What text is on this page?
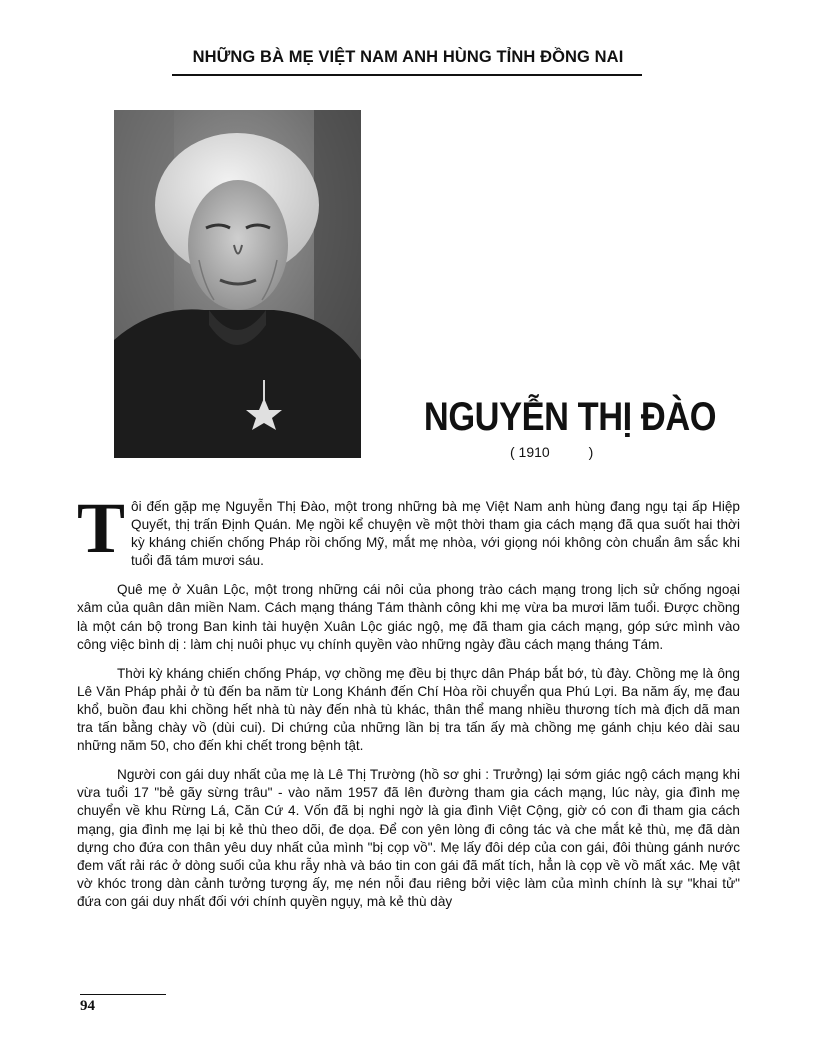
NHỮNG BÀ MẸ VIỆT NAM ANH HÙNG TỈNH ĐỒNG NAI
NGUYỄN THỊ ĐÀO
( 1910          )

Tôi đến gặp mẹ Nguyễn Thị Đào, một trong những bà mẹ Việt Nam anh hùng đang ngụ tại ấp Hiệp Quyết, thị trấn Định Quán. Mẹ ngồi kể chuyện về một thời tham gia cách mạng đã qua suốt hai thời kỳ kháng chiến chống Pháp rồi chống Mỹ, mắt mẹ nhòa, với giọng nói không còn chuẩn âm sắc khi tuổi đã tám mươi sáu.

Quê mẹ ở Xuân Lộc, một trong những cái nôi của phong trào cách mạng trong lịch sử chống ngoại xâm của quân dân miền Nam. Cách mạng tháng Tám thành công khi mẹ vừa ba mươi lăm tuổi. Được chồng là một cán bộ trong Ban kinh tài huyện Xuân Lộc giác ngộ, mẹ đã tham gia cách mạng, góp sức mình vào công việc bình dị : làm chị nuôi phục vụ chính quyền vào những ngày đầu cách mạng tháng Tám.

Thời kỳ kháng chiến chống Pháp, vợ chồng mẹ đều bị thực dân Pháp bắt bớ, tù đày. Chồng mẹ là ông Lê Văn Pháp phải ở tù đến ba năm từ Long Khánh đến Chí Hòa rồi chuyển qua Phú Lợi. Ba năm ấy, mẹ đau khổ, buồn đau khi chồng hết nhà tù này đến nhà tù khác, thân thể mang nhiều thương tích mà địch dã man tra tấn bằng chày vồ (dùi cui). Di chứng của những lần bị tra tấn ấy mà chồng mẹ gánh chịu kéo dài sau những năm 50, cho đến khi chết trong bệnh tật.

Người con gái duy nhất của mẹ là Lê Thị Trường (hồ sơ ghi : Trưởng) lại sớm giác ngộ cách mạng khi vừa tuổi 17 "bẻ gãy sừng trâu" - vào năm 1957 đã lên đường tham gia cách mạng, lúc này, gia đình mẹ chuyển về khu Rừng Lá, Căn Cứ 4. Vốn đã bị nghi ngờ là gia đình Việt Cộng, giờ có con đi tham gia cách mạng, gia đình mẹ lại bị kẻ thù theo dõi, đe dọa. Để con yên lòng đi công tác và che mắt kẻ thù, mẹ đã dàn dựng cho đứa con thân yêu duy nhất của mình "bị cọp vồ". Mẹ lấy đôi dép của con gái, đôi thùng gánh nước đem vất rải rác ở dòng suối của khu rẫy nhà và báo tin con gái đã mất tích, hẳn là cọp về vồ mất xác. Mẹ vật vờ khóc trong dàn cảnh tưởng tượng ấy, mẹ nén nỗi đau riêng bởi việc làm của mình chính là sự "khai tử" đứa con gái duy nhất đối với chính quyền ngụy, mà kẻ thù dày

94
